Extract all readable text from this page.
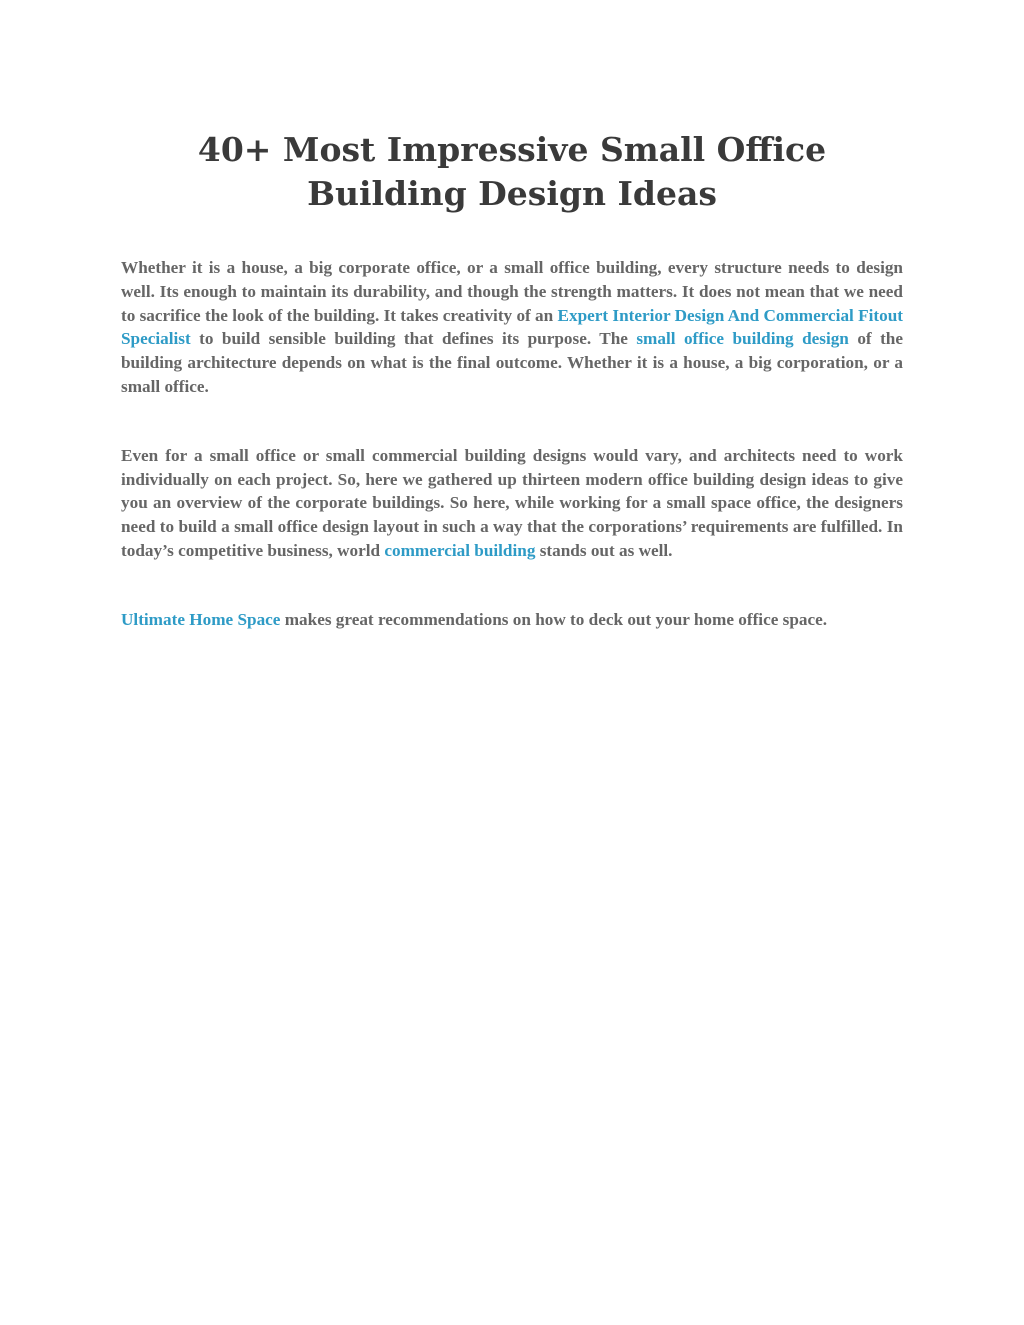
40+ Most Impressive Small Office
Building Design Ideas

Whether it is a house, a big corporate office, or a small office building, every structure needs to design well. Its enough to maintain its durability, and though the strength matters. It does not mean that we need to sacrifice the look of the building. It takes creativity of an Expert Interior Design And Commercial Fitout Specialist to build sensible building that defines its purpose. The small office building design of the building architecture depends on what is the final outcome. Whether it is a house, a big corporation, or a small office.

Even for a small office or small commercial building designs would vary, and architects need to work individually on each project. So, here we gathered up thirteen modern office building design ideas to give you an overview of the corporate buildings. So here, while working for a small space office, the designers need to build a small office design layout in such a way that the corporations’ requirements are fulfilled. In today’s competitive business, world commercial building stands out as well.

Ultimate Home Space makes great recommendations on how to deck out your home office space.
